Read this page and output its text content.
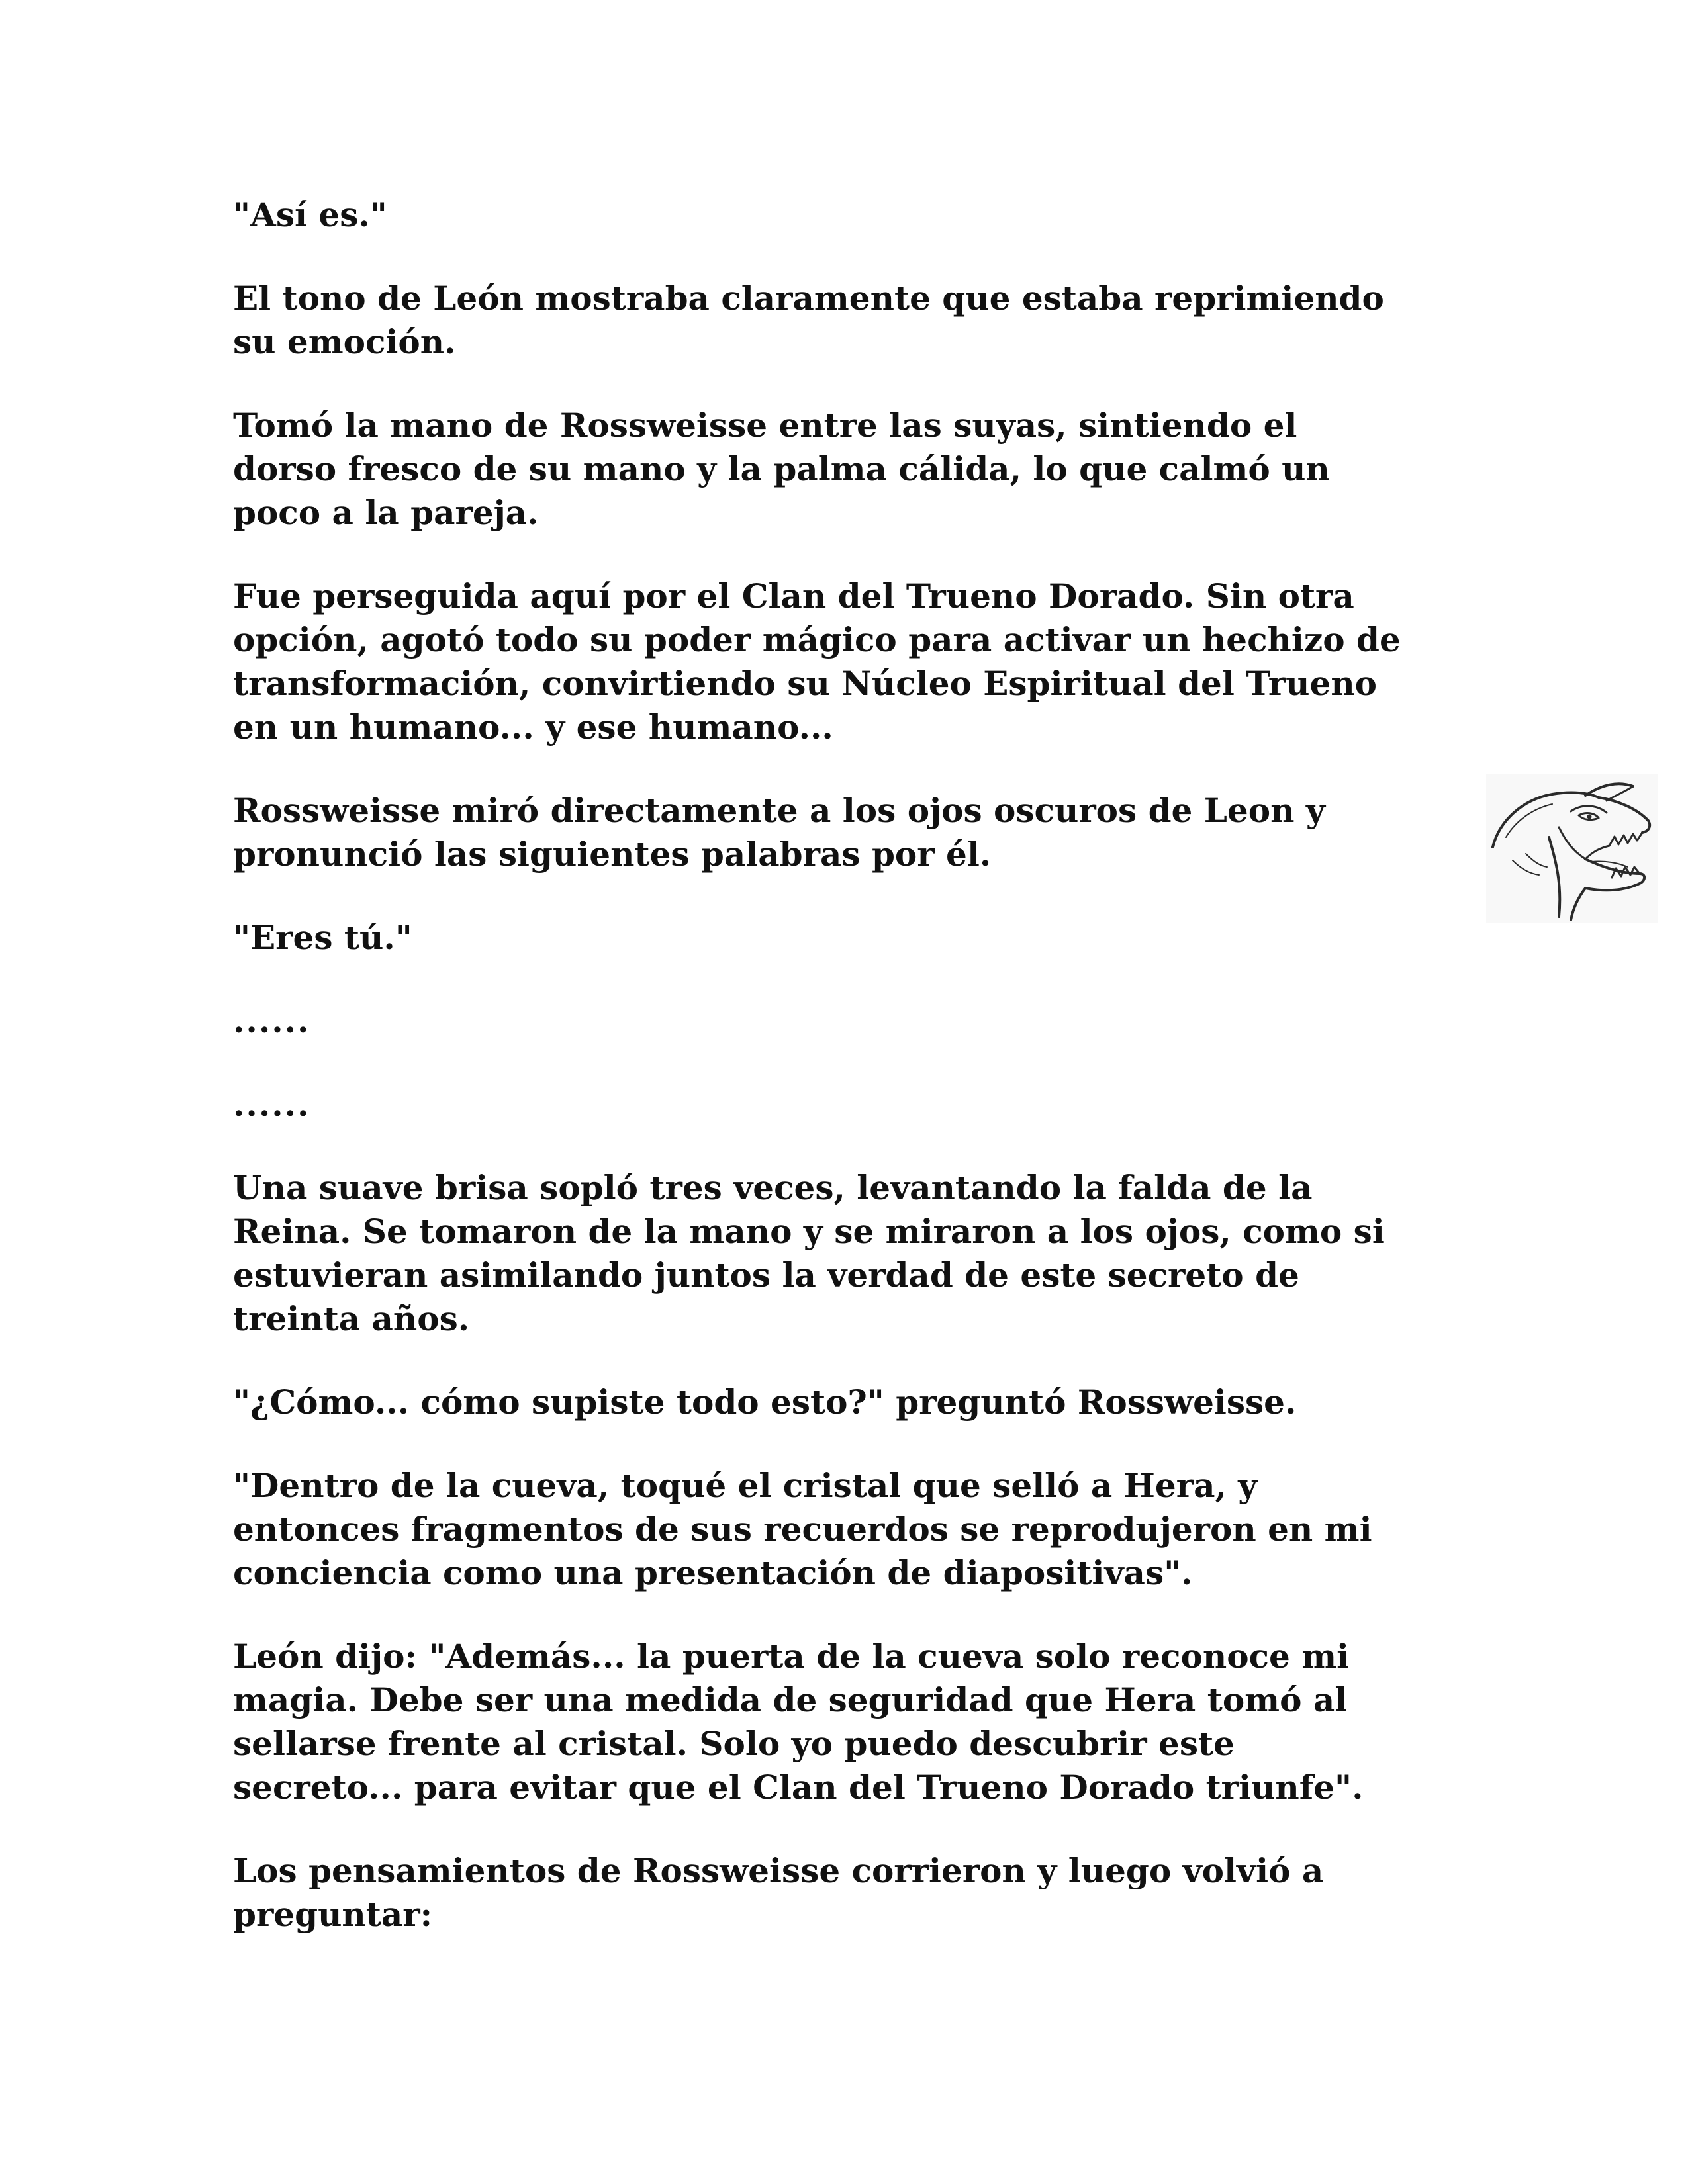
"Así es."

El tono de León mostraba claramente que estaba reprimiendo
su emoción.

Tomó la mano de Rossweisse entre las suyas, sintiendo el
dorso fresco de su mano y la palma cálida, lo que calmó un
poco a la pareja.

Fue perseguida aquí por el Clan del Trueno Dorado. Sin otra
opción, agotó todo su poder mágico para activar un hechizo de
transformación, convirtiendo su Núcleo Espiritual del Trueno
en un humano... y ese humano...

Rossweisse miró directamente a los ojos oscuros de Leon y
pronunció las siguientes palabras por él.

"Eres tú."

......

......

Una suave brisa sopló tres veces, levantando la falda de la
Reina. Se tomaron de la mano y se miraron a los ojos, como si
estuvieran asimilando juntos la verdad de este secreto de
treinta años.

"¿Cómo... cómo supiste todo esto?" preguntó Rossweisse.

"Dentro de la cueva, toqué el cristal que selló a Hera, y
entonces fragmentos de sus recuerdos se reprodujeron en mi
conciencia como una presentación de diapositivas".

León dijo: "Además... la puerta de la cueva solo reconoce mi
magia. Debe ser una medida de seguridad que Hera tomó al
sellarse frente al cristal. Solo yo puedo descubrir este
secreto... para evitar que el Clan del Trueno Dorado triunfe".

Los pensamientos de Rossweisse corrieron y luego volvió a
preguntar:
